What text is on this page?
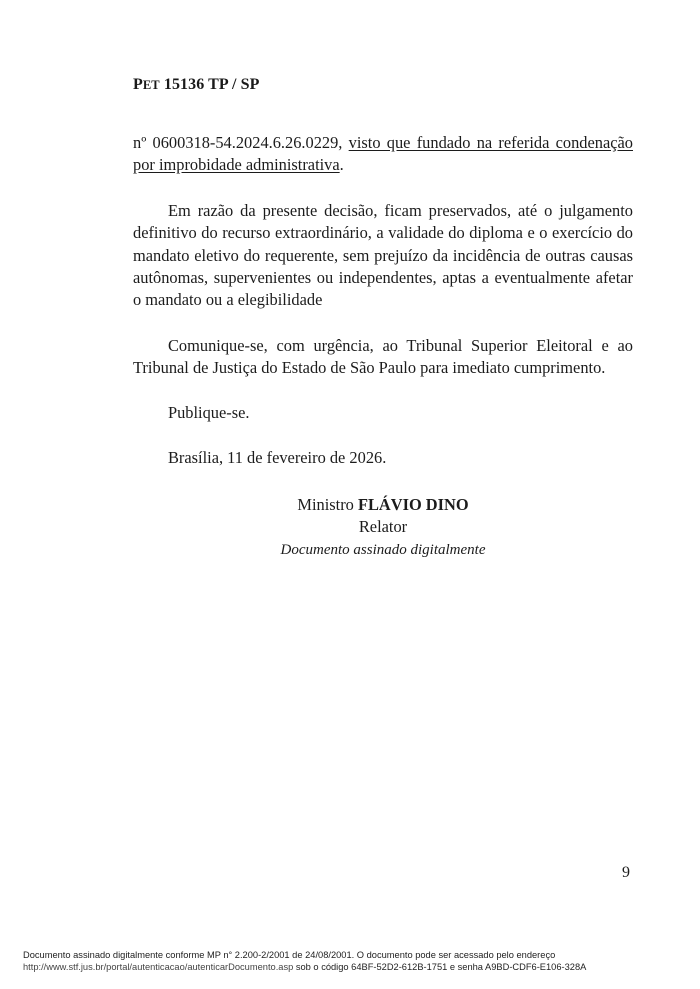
PET 15136 TP / SP
nº 0600318-54.2024.6.26.0229, visto que fundado na referida condenação por improbidade administrativa.
Em razão da presente decisão, ficam preservados, até o julgamento definitivo do recurso extraordinário, a validade do diploma e o exercício do mandato eletivo do requerente, sem prejuízo da incidência de outras causas autônomas, supervenientes ou independentes, aptas a eventualmente afetar o mandato ou a elegibilidade
Comunique-se, com urgência, ao Tribunal Superior Eleitoral e ao Tribunal de Justiça do Estado de São Paulo para imediato cumprimento.
Publique-se.
Brasília, 11 de fevereiro de 2026.
Ministro FLÁVIO DINO
Relator
Documento assinado digitalmente
9
Documento assinado digitalmente conforme MP n° 2.200-2/2001 de 24/08/2001. O documento pode ser acessado pelo endereço
http://www.stf.jus.br/portal/autenticacao/autenticarDocumento.asp sob o código 64BF-52D2-612B-1751 e senha A9BD-CDF6-E106-328A
